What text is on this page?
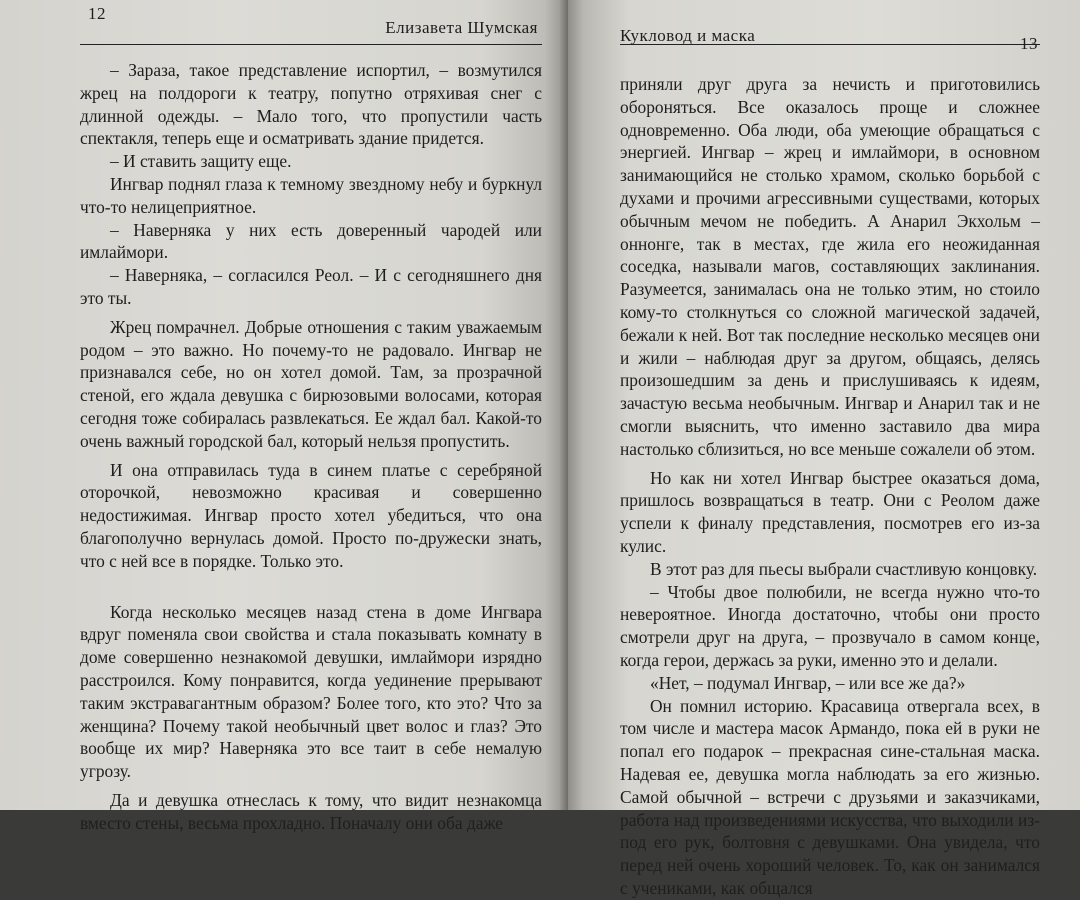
12
Елизавета Шумская

– Зараза, такое представление испортил, – возмутился жрец на полдороги к театру, попутно отряхивая снег с длинной одежды. – Мало того, что пропустили часть спектакля, теперь еще и осматривать здание придется.

– И ставить защиту еще.

Ингвар поднял глаза к темному звездному небу и буркнул что-то нелицеприятное.

– Наверняка у них есть доверенный чародей или имлаймори.

– Наверняка, – согласился Реол. – И с сегодняшнего дня это ты.

Жрец помрачнел. Добрые отношения с таким уважаемым родом – это важно. Но почему-то не радовало. Ингвар не признавался себе, но он хотел домой. Там, за прозрачной стеной, его ждала девушка с бирюзовыми волосами, которая сегодня тоже собиралась развлекаться. Ее ждал бал. Какой-то очень важный городской бал, который нельзя пропустить.

И она отправилась туда в синем платье с серебряной оторочкой, невозможно красивая и совершенно недостижимая. Ингвар просто хотел убедиться, что она благополучно вернулась домой. Просто по-дружески знать, что с ней все в порядке. Только это.

Когда несколько месяцев назад стена в доме Ингвара вдруг поменяла свои свойства и стала показывать комнату в доме совершенно незнакомой девушки, имлаймори изрядно расстроился. Кому понравится, когда уединение прерывают таким экстравагантным образом? Более того, кто это? Что за женщина? Почему такой необычный цвет волос и глаз? Это вообще их мир? Наверняка это все таит в себе немалую угрозу.

Да и девушка отнеслась к тому, что видит незнакомца вместо стены, весьма прохладно. Поначалу они оба даже

Кукловод и маска	13

приняли друг друга за нечисть и приготовились обороняться. Все оказалось проще и сложнее одновременно. Оба люди, оба умеющие обращаться с энергией. Ингвар – жрец и имлаймори, в основном занимающийся не столько храмом, сколько борьбой с духами и прочими агрессивными существами, которых обычным мечом не победить. А Анарил Экхольм – оннонге, так в местах, где жила его неожиданная соседка, называли магов, составляющих заклинания. Разумеется, занималась она не только этим, но стоило кому-то столкнуться со сложной магической задачей, бежали к ней. Вот так последние несколько месяцев они и жили – наблюдая друг за другом, общаясь, делясь произошедшим за день и прислушиваясь к идеям, зачастую весьма необычным. Ингвар и Анарил так и не смогли выяснить, что именно заставило два мира настолько сблизиться, но все меньше сожалели об этом.

Но как ни хотел Ингвар быстрее оказаться дома, пришлось возвращаться в театр. Они с Реолом даже успели к финалу представления, посмотрев его из-за кулис.

В этот раз для пьесы выбрали счастливую концовку.

– Чтобы двое полюбили, не всегда нужно что-то невероятное. Иногда достаточно, чтобы они просто смотрели друг на друга, – прозвучало в самом конце, когда герои, держась за руки, именно это и делали.

«Нет, – подумал Ингвар, – или все же да?»

Он помнил историю. Красавица отвергала всех, в том числе и мастера масок Армандо, пока ей в руки не попал его подарок – прекрасная сине-стальная маска. Надевая ее, девушка могла наблюдать за его жизнью. Самой обычной – встречи с друзьями и заказчиками, работа над произведениями искусства, что выходили из-под его рук, болтовня с девушками. Она увидела, что перед ней очень хороший человек. То, как он занимался с учениками, как общался
